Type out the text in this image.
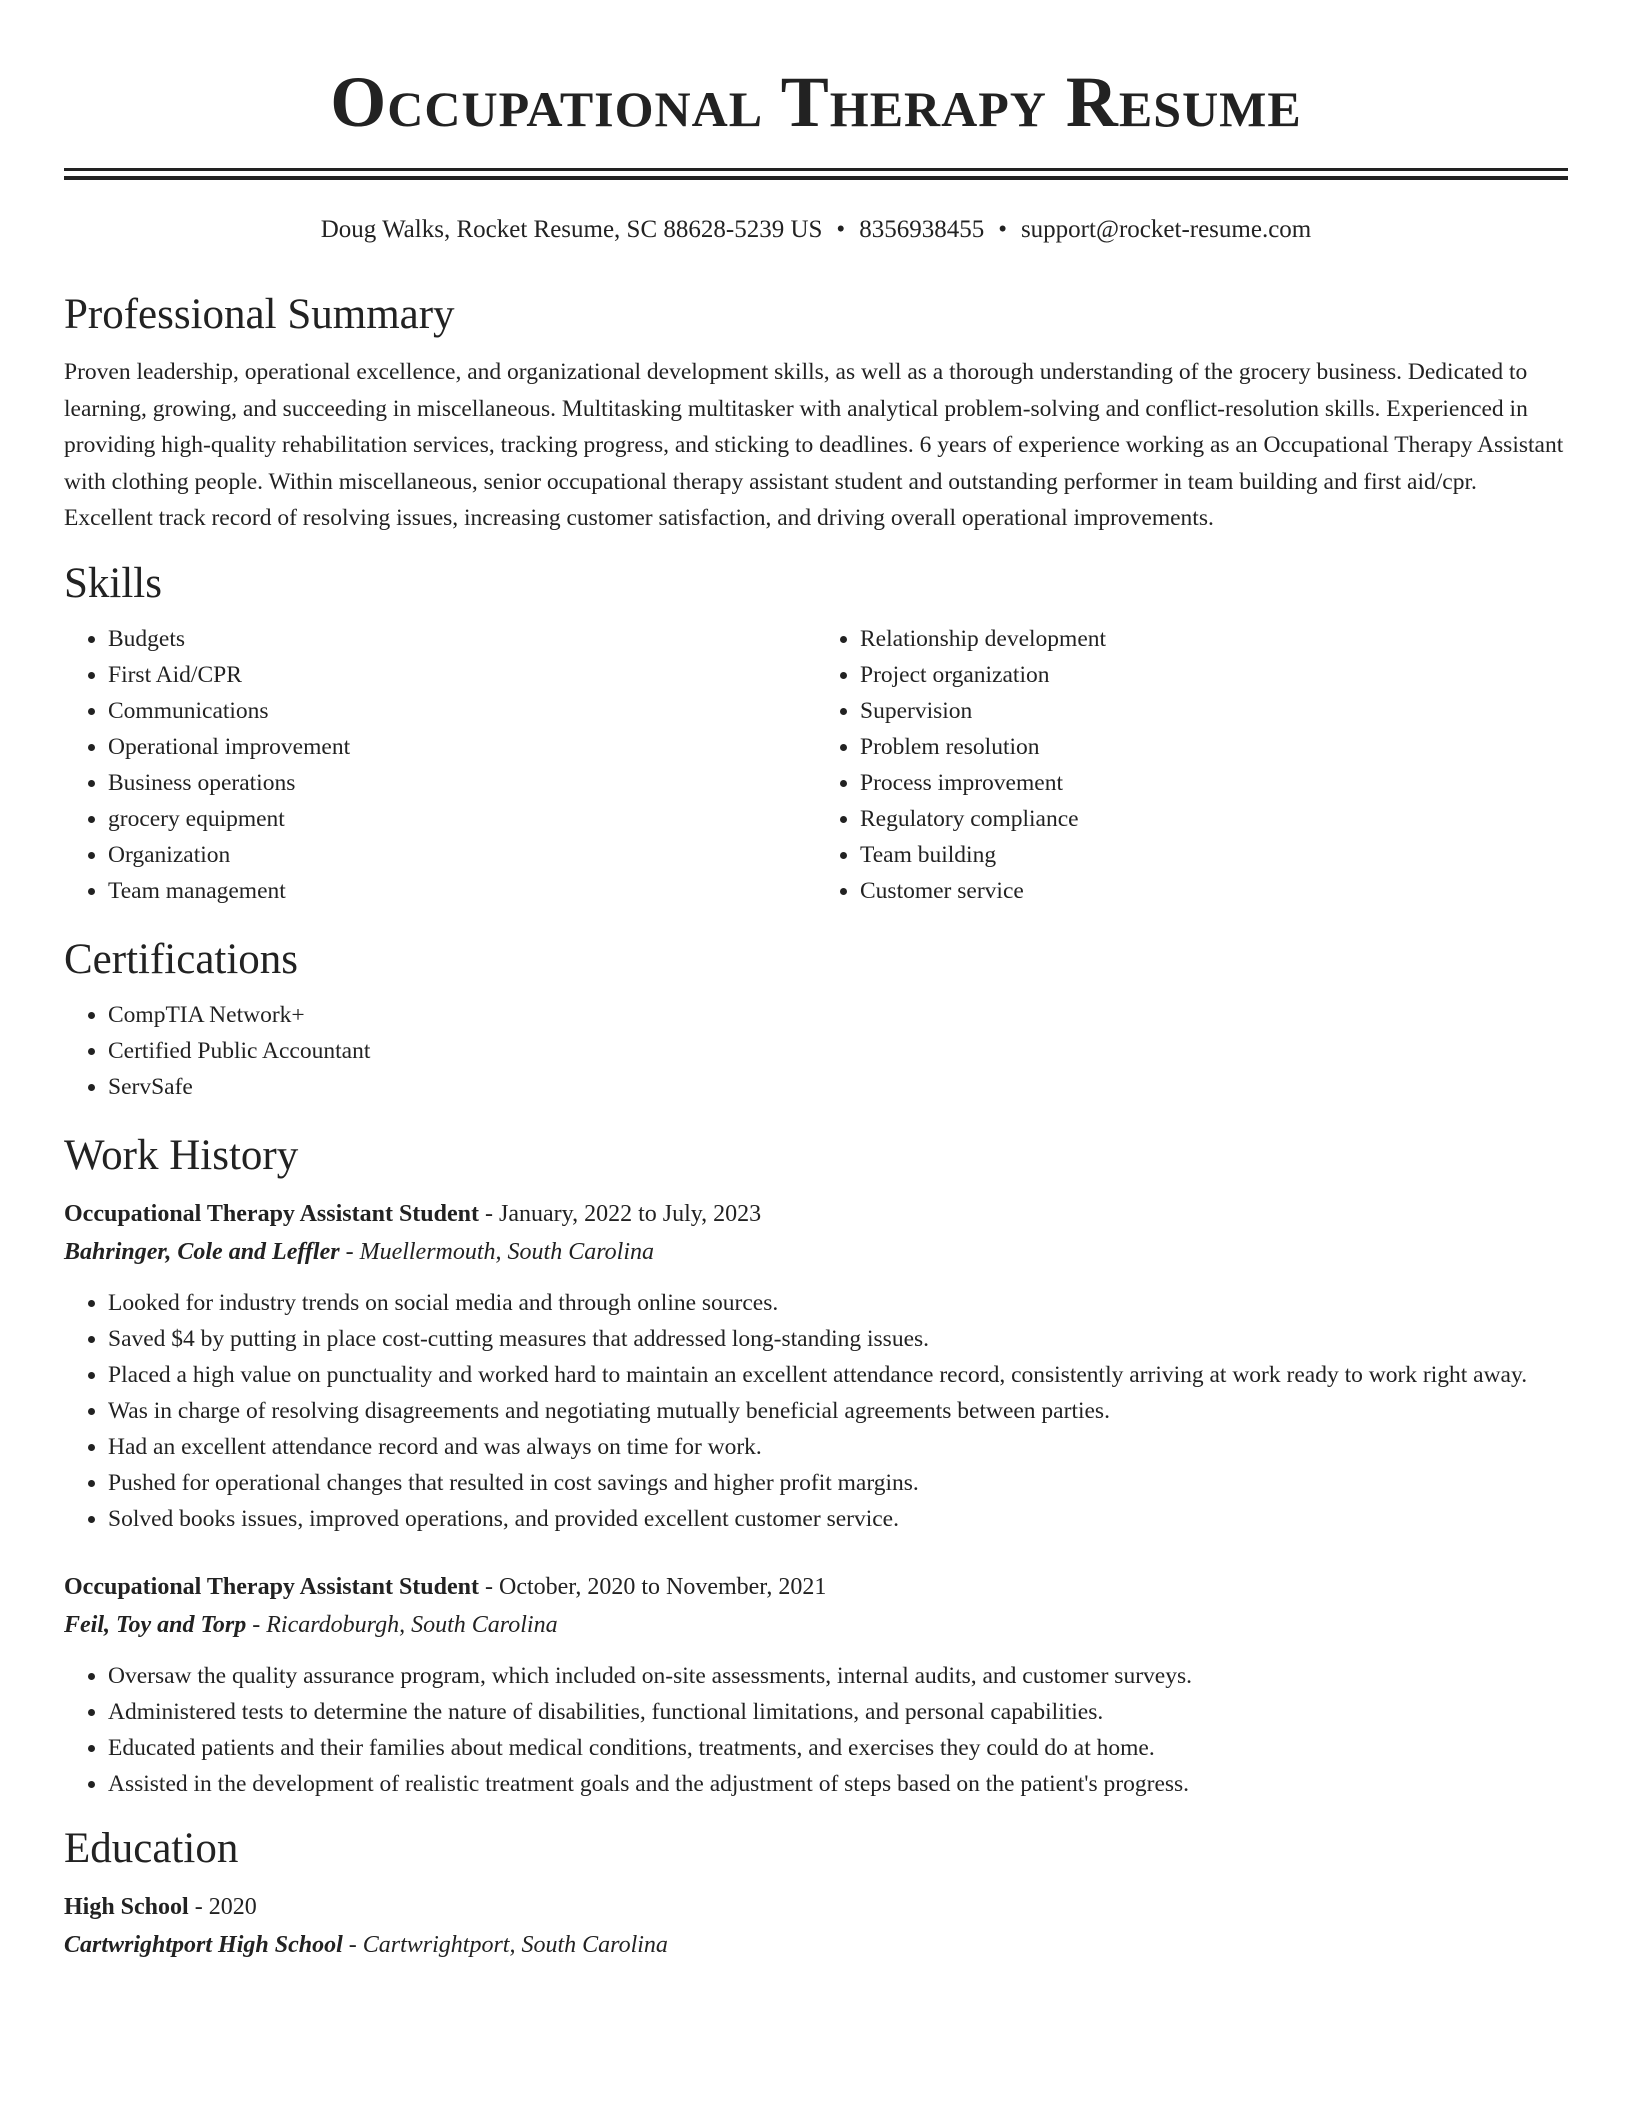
Occupational Therapy Resume
Doug Walks, Rocket Resume, SC 88628-5239 US • 8356938455 • support@rocket-resume.com
Professional Summary

Proven leadership, operational excellence, and organizational development skills, as well as a thorough understanding of the grocery business. Dedicated to learning, growing, and succeeding in miscellaneous. Multitasking multitasker with analytical problem-solving and conflict-resolution skills. Experienced in providing high-quality rehabilitation services, tracking progress, and sticking to deadlines. 6 years of experience working as an Occupational Therapy Assistant with clothing people. Within miscellaneous, senior occupational therapy assistant student and outstanding performer in team building and first aid/cpr. Excellent track record of resolving issues, increasing customer satisfaction, and driving overall operational improvements.

Skills
• Budgets
• First Aid/CPR
• Communications
• Operational improvement
• Business operations
• grocery equipment
• Organization
• Team management
• Relationship development
• Project organization
• Supervision
• Problem resolution
• Process improvement
• Regulatory compliance
• Team building
• Customer service
Certifications
• CompTIA Network+
• Certified Public Accountant
• ServSafe
Work History

Occupational Therapy Assistant Student - January, 2022 to July, 2023

Bahringer, Cole and Leffler - Muellermouth, South Carolina

• Looked for industry trends on social media and through online sources.
• Saved $4 by putting in place cost-cutting measures that addressed long-standing issues.
• Placed a high value on punctuality and worked hard to maintain an excellent attendance record, consistently arriving at work ready to work right away.
• Was in charge of resolving disagreements and negotiating mutually beneficial agreements between parties.
• Had an excellent attendance record and was always on time for work.
• Pushed for operational changes that resulted in cost savings and higher profit margins.
• Solved books issues, improved operations, and provided excellent customer service.

Occupational Therapy Assistant Student - October, 2020 to November, 2021

Feil, Toy and Torp - Ricardoburgh, South Carolina

• Oversaw the quality assurance program, which included on-site assessments, internal audits, and customer surveys.
• Administered tests to determine the nature of disabilities, functional limitations, and personal capabilities.
• Educated patients and their families about medical conditions, treatments, and exercises they could do at home.
• Assisted in the development of realistic treatment goals and the adjustment of steps based on the patient's progress.
Education

High School - 2020

Cartwrightport High School - Cartwrightport, South Carolina
